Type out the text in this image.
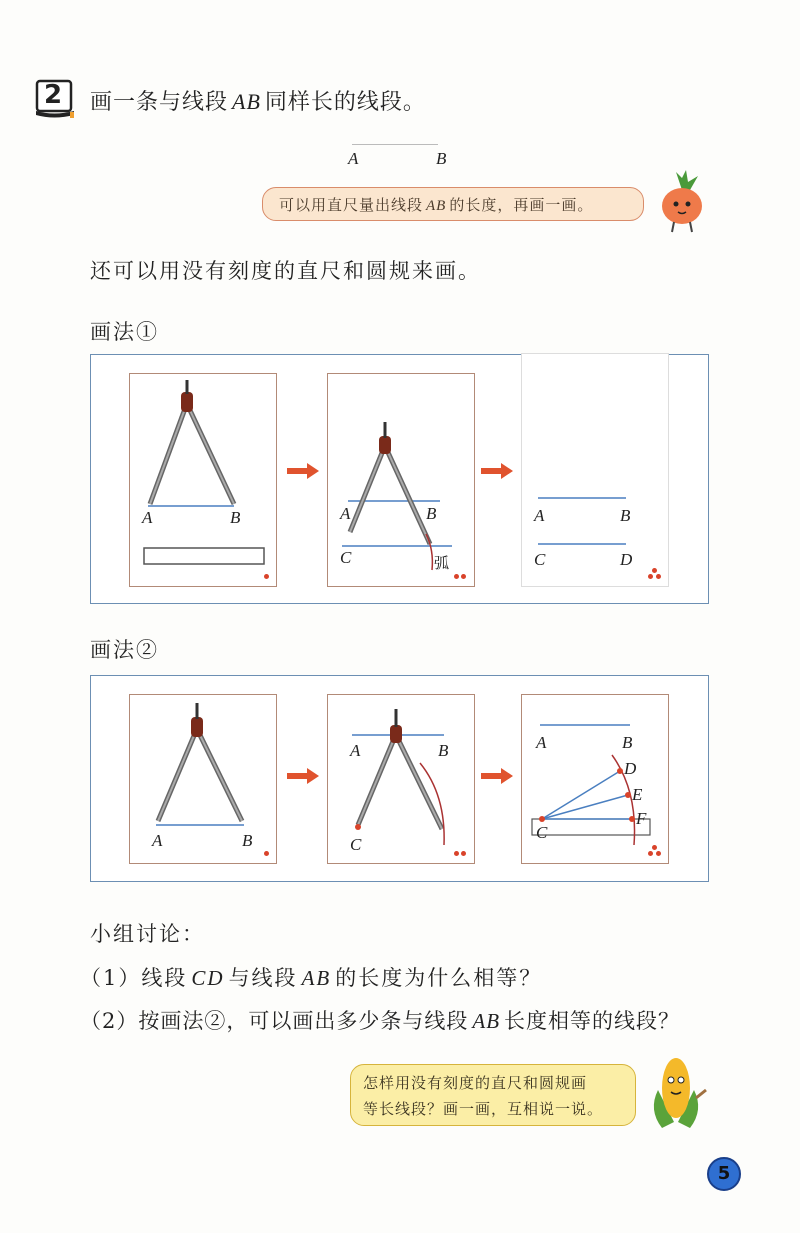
2 画一条与线段 AB 同样长的线段。
A	B
可以用直尺量出线段 AB 的长度，再画一画。
还可以用没有刻度的直尺和圆规来画。
画法①
A	B	A	B
C	弧
A	B
C	D
画法②
A	B
A	B
C
A	B
C
D
E
F
小组讨论：
（1）线段 CD 与线段 AB 的长度为什么相等？
（2）按画法②，可以画出多少条与线段 AB 长度相等的线段？
怎样用没有刻度的直尺和圆规画
等长线段？画一画，互相说一说。
5
